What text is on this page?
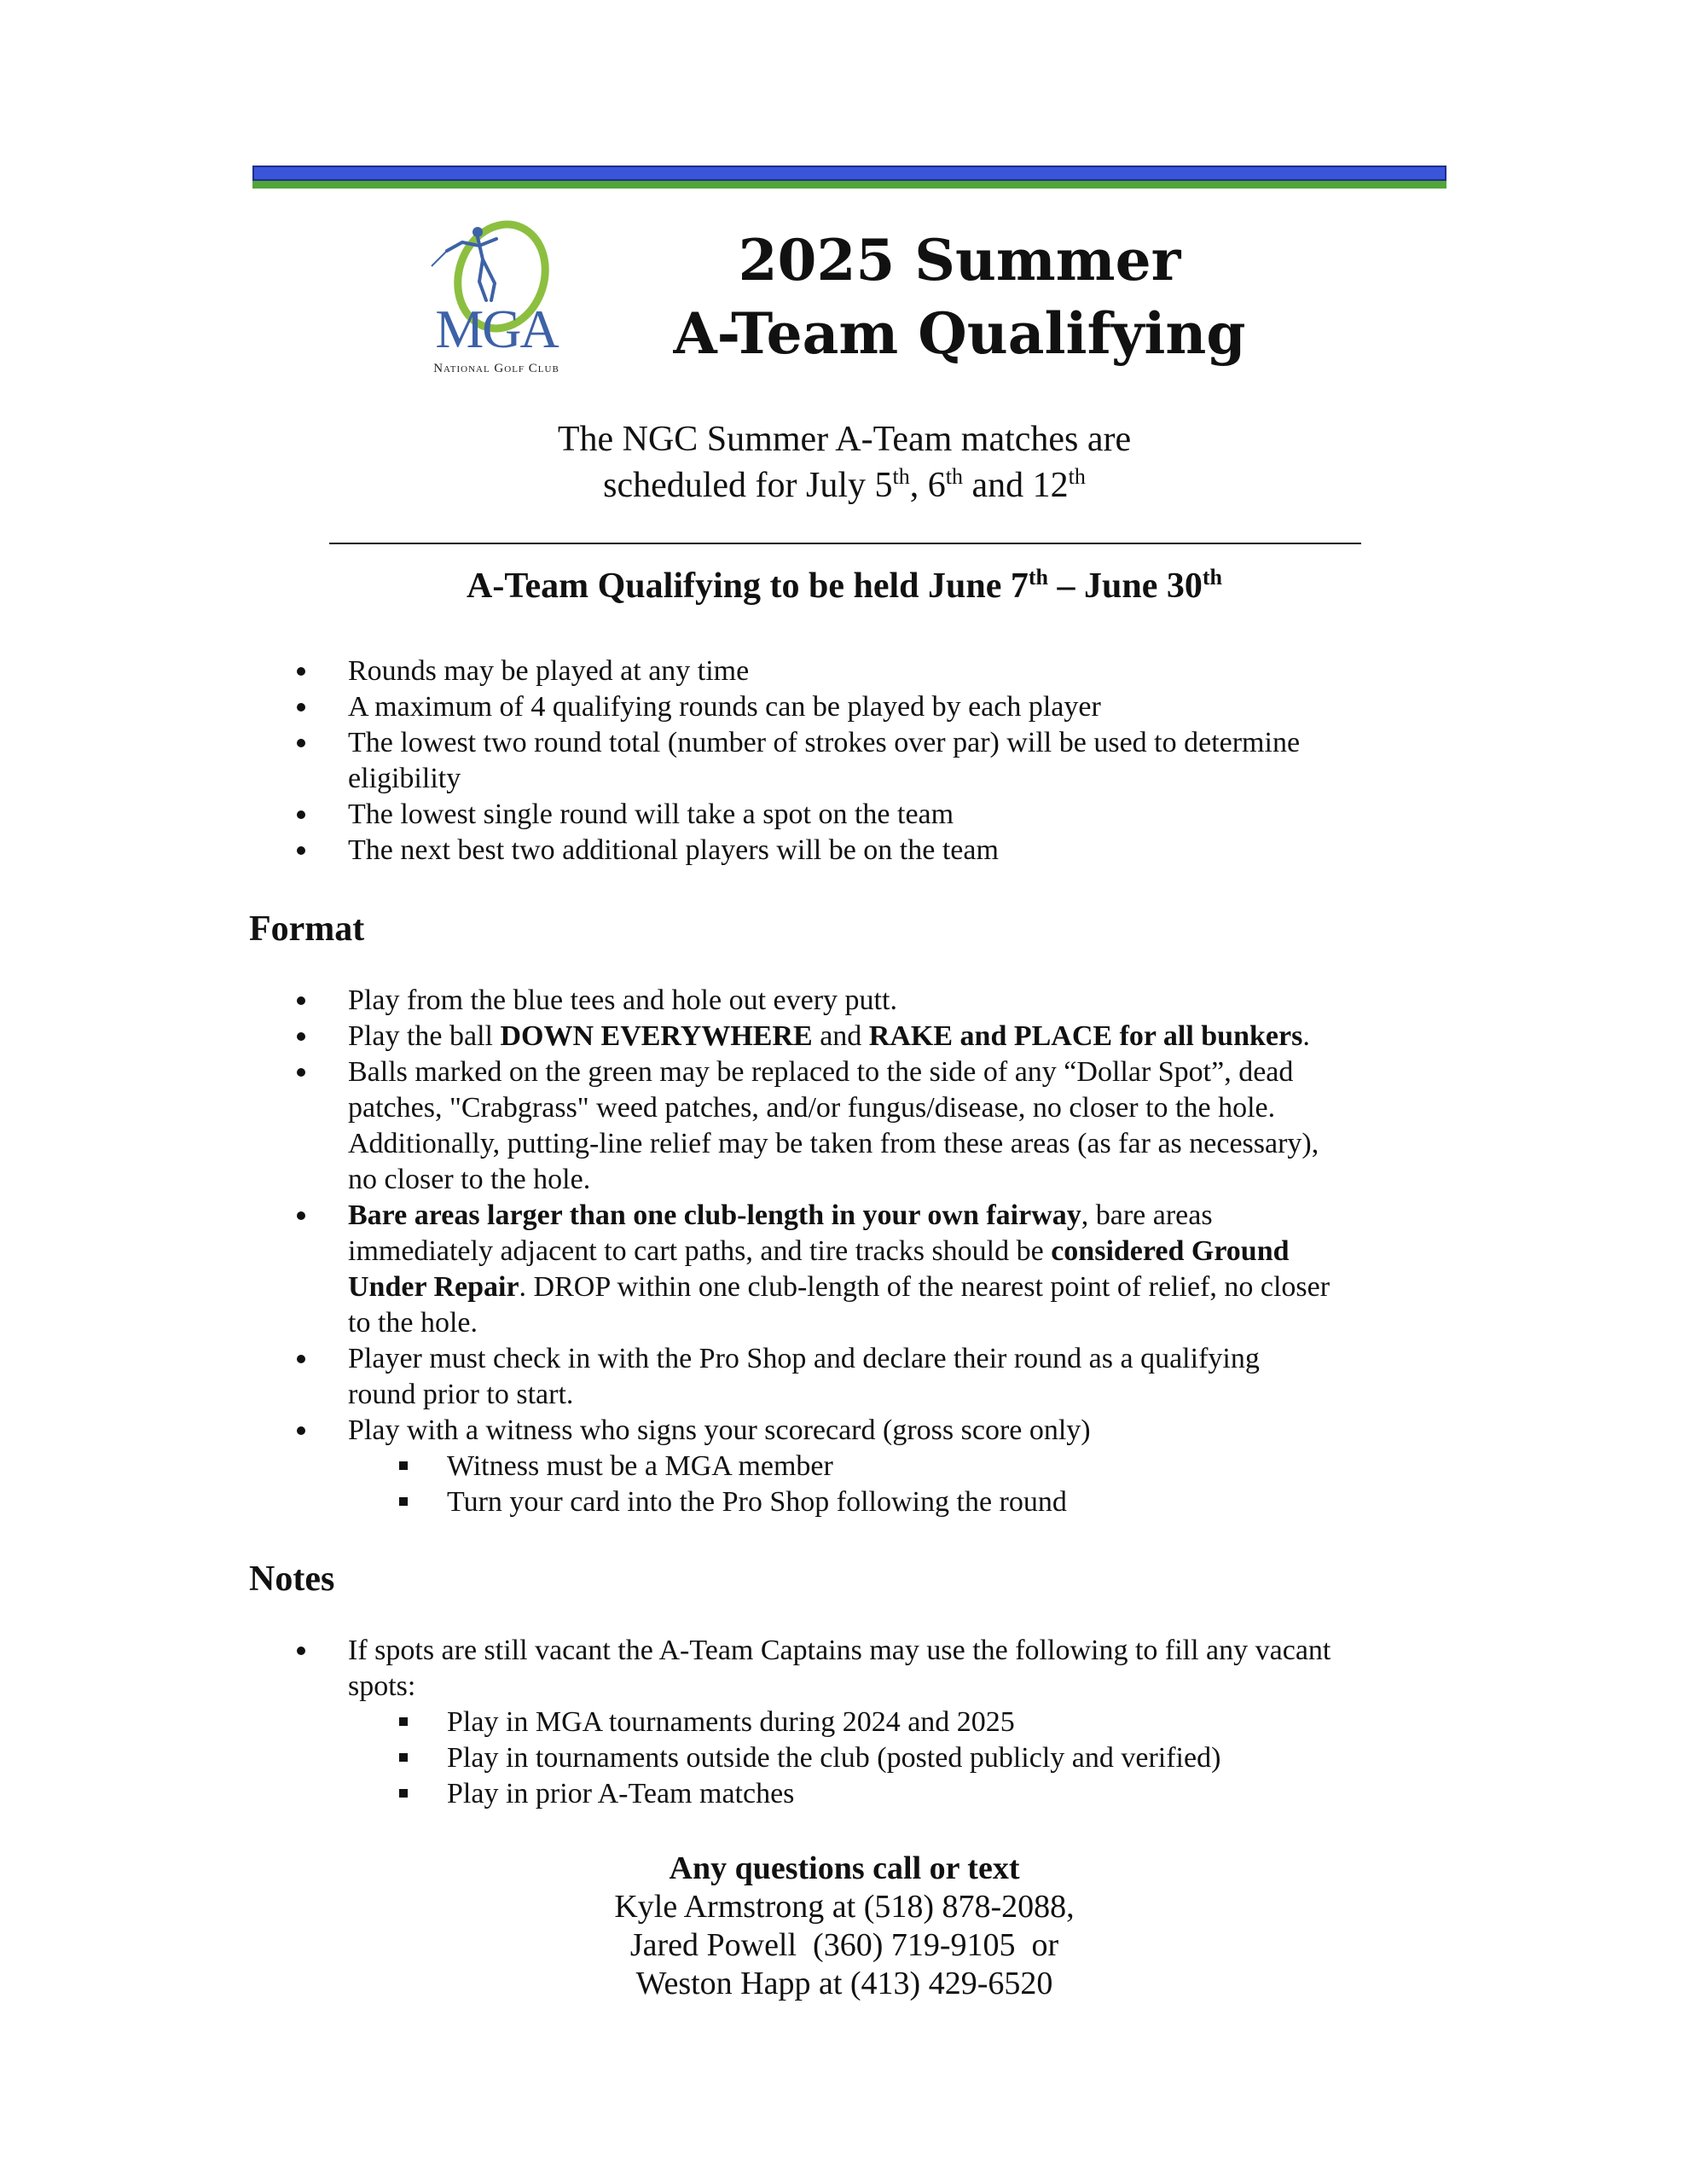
MGA
National Golf Club
2025 Summer
A-Team Qualifying
The NGC Summer A-Team matches are
scheduled for July 5th, 6th and 12th
A-Team Qualifying to be held June 7th – June 30th
Rounds may be played at any time
A maximum of 4 qualifying rounds can be played by each player
The lowest two round total (number of strokes over par) will be used to determine
eligibility
The lowest single round will take a spot on the team
The next best two additional players will be on the team
Format
Play from the blue tees and hole out every putt.
Play the ball DOWN EVERYWHERE and RAKE and PLACE for all bunkers.
Balls marked on the green may be replaced to the side of any “Dollar Spot”, dead
patches, "Crabgrass" weed patches, and/or fungus/disease, no closer to the hole.
Additionally, putting-line relief may be taken from these areas (as far as necessary),
no closer to the hole.
Bare areas larger than one club-length in your own fairway, bare areas
immediately adjacent to cart paths, and tire tracks should be considered Ground
Under Repair. DROP within one club-length of the nearest point of relief, no closer
to the hole.
Player must check in with the Pro Shop and declare their round as a qualifying
round prior to start.
Play with a witness who signs your scorecard (gross score only)
Witness must be a MGA member
Turn your card into the Pro Shop following the round
Notes
If spots are still vacant the A-Team Captains may use the following to fill any vacant
spots:
Play in MGA tournaments during 2024 and 2025
Play in tournaments outside the club (posted publicly and verified)
Play in prior A-Team matches
Any questions call or text
Kyle Armstrong at (518) 878-2088,
Jared Powell  (360) 719-9105  or
Weston Happ at (413) 429-6520
